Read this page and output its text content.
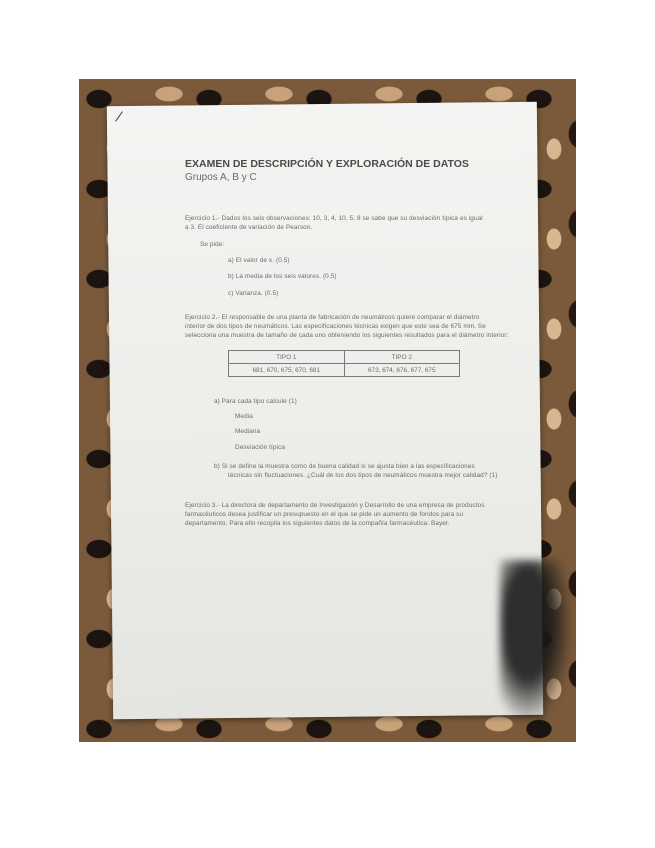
EXAMEN DE DESCRIPCIÓN Y EXPLORACIÓN DE DATOS
Grupos A, B y C
Ejercicio 1.- Dados los seis observaciones: 10, 3, 4, 10, 5, 8 se sabe que su desviación típica es igual
a 3. El coeficiente de variación de Pearson.
Se pide:
a) El valor de x. (0.5)
b) La media de los seis valores. (0.5)
c) Varianza. (0.5)
Ejercicio 2.- El responsable de una planta de fabricación de neumáticos quiere comparar el diámetro
interior de dos tipos de neumáticos. Las especificaciones técnicas exigen que este sea de 675 mm. Se
selecciona una muestra de tamaño de cada uno obteniendo los siguientes resultados para el diámetro interior:
TIPO 1	TIPO 2
681, 670, 675, 670, 681	673, 674, 676, 677, 675
a) Para cada tipo calcule (1)
Media
Mediana
Desviación típica
b) Si se define la muestra como de buena calidad si se ajusta bien a las especificaciones
técnicas sin fluctuaciones. ¿Cuál de los dos tipos de neumáticos muestra mejor calidad? (1)
Ejercicio 3.- La directora de departamento de Investigación y Desarrollo de una empresa de productos
farmacéuticos desea justificar un presupuesto en el que se pide un aumento de fondos para su
departamento. Para ello recopila los siguientes datos de la compañía farmacéutica: Bayer.
